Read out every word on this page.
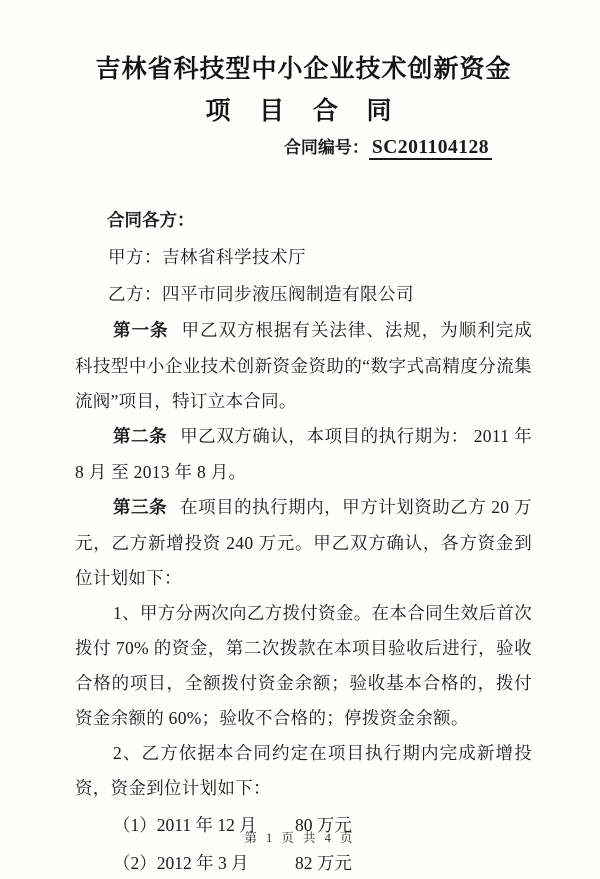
吉林省科技型中小企业技术创新资金
项 目 合 同
合同编号： SC201104128

合同各方：

甲方：吉林省科学技术厅

乙方：四平市同步液压阀制造有限公司

第一条 甲乙双方根据有关法律、法规，为顺利完成科技型中小企业技术创新资金资助的“数字式高精度分流集流阀”项目，特订立本合同。

第二条 甲乙双方确认，本项目的执行期为： 2011 年 8 月 至 2013 年 8 月。

第三条 在项目的执行期内，甲方计划资助乙方 20 万元，乙方新增投资 240 万元。甲乙双方确认，各方资金到位计划如下：

1、甲方分两次向乙方拨付资金。在本合同生效后首次拨付 70% 的资金，第二次拨款在本项目验收后进行，验收合格的项目，全额拨付资金余额；验收基本合格的，拨付资金余额的 60%；验收不合格的；停拨资金余额。

2、乙方依据本合同约定在项目执行期内完成新增投资，资金到位计划如下：

（1）2011 年 12 月 80 万元

（2）2012 年 3 月	82 万元

第 1 页 共 4 页
